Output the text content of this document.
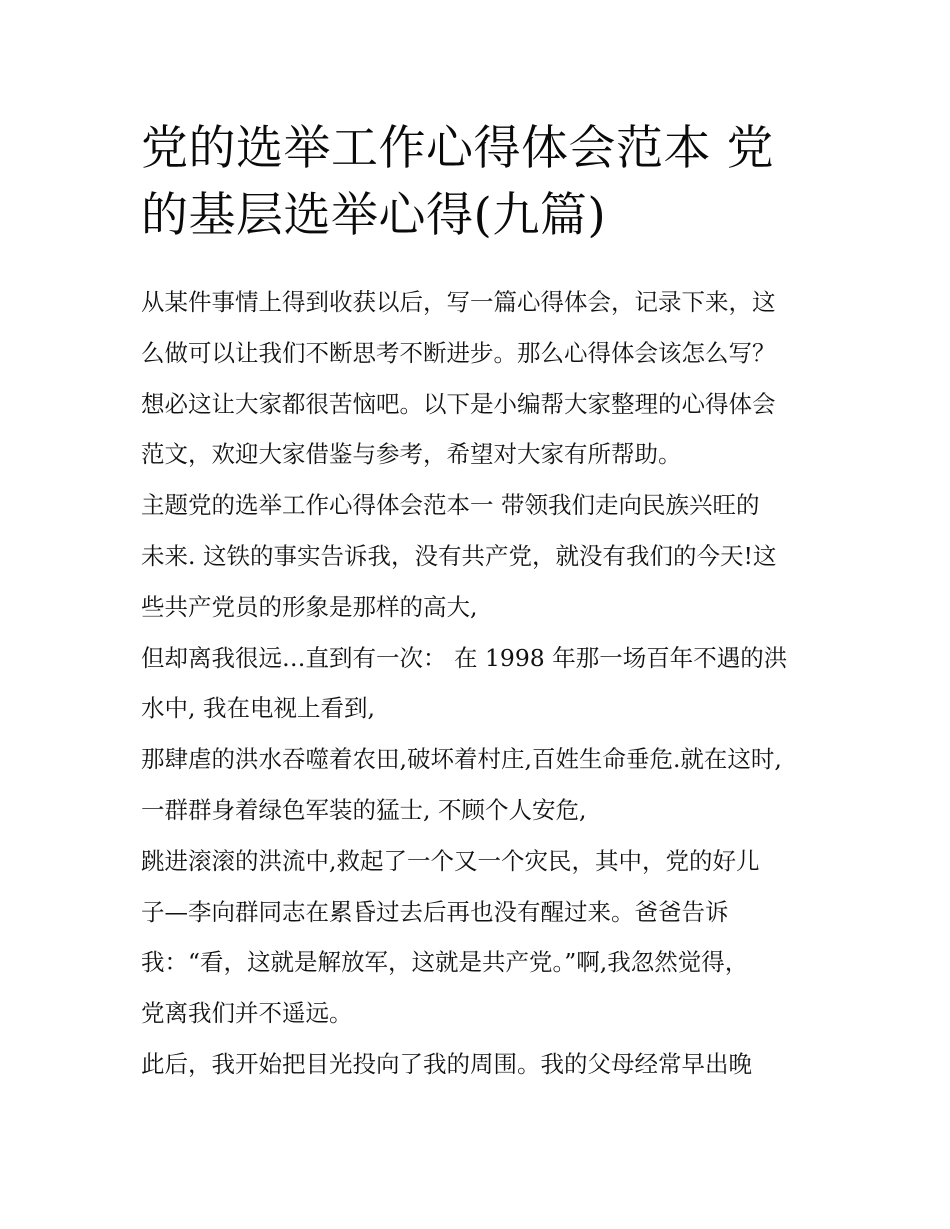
党的选举工作心得体会范本 党的基层选举心得(九篇)
从某件事情上得到收获以后，写一篇心得体会，记录下来，这
么做可以让我们不断思考不断进步。那么心得体会该怎么写？
想必这让大家都很苦恼吧。以下是小编帮大家整理的心得体会
范文，欢迎大家借鉴与参考，希望对大家有所帮助。
主题党的选举工作心得体会范本一 带领我们走向民族兴旺的
未来. 这铁的事实告诉我，没有共产党，就没有我们的今天!这
些共产党员的形象是那样的高大,
但却离我很远…直到有一次： 在 1998 年那一场百年不遇的洪
水中, 我在电视上看到,
那肆虐的洪水吞噬着农田,破坏着村庄,百姓生命垂危.就在这时,
一群群身着绿色军装的猛士, 不顾个人安危,
跳进滚滚的洪流中,救起了一个又一个灾民，其中，党的好儿
子—李向群同志在累昏过去后再也没有醒过来。爸爸告诉
我：“看，这就是解放军，这就是共产党。”啊,我忽然觉得，
党离我们并不遥远。
此后，我开始把目光投向了我的周围。我的父母经常早出晚
